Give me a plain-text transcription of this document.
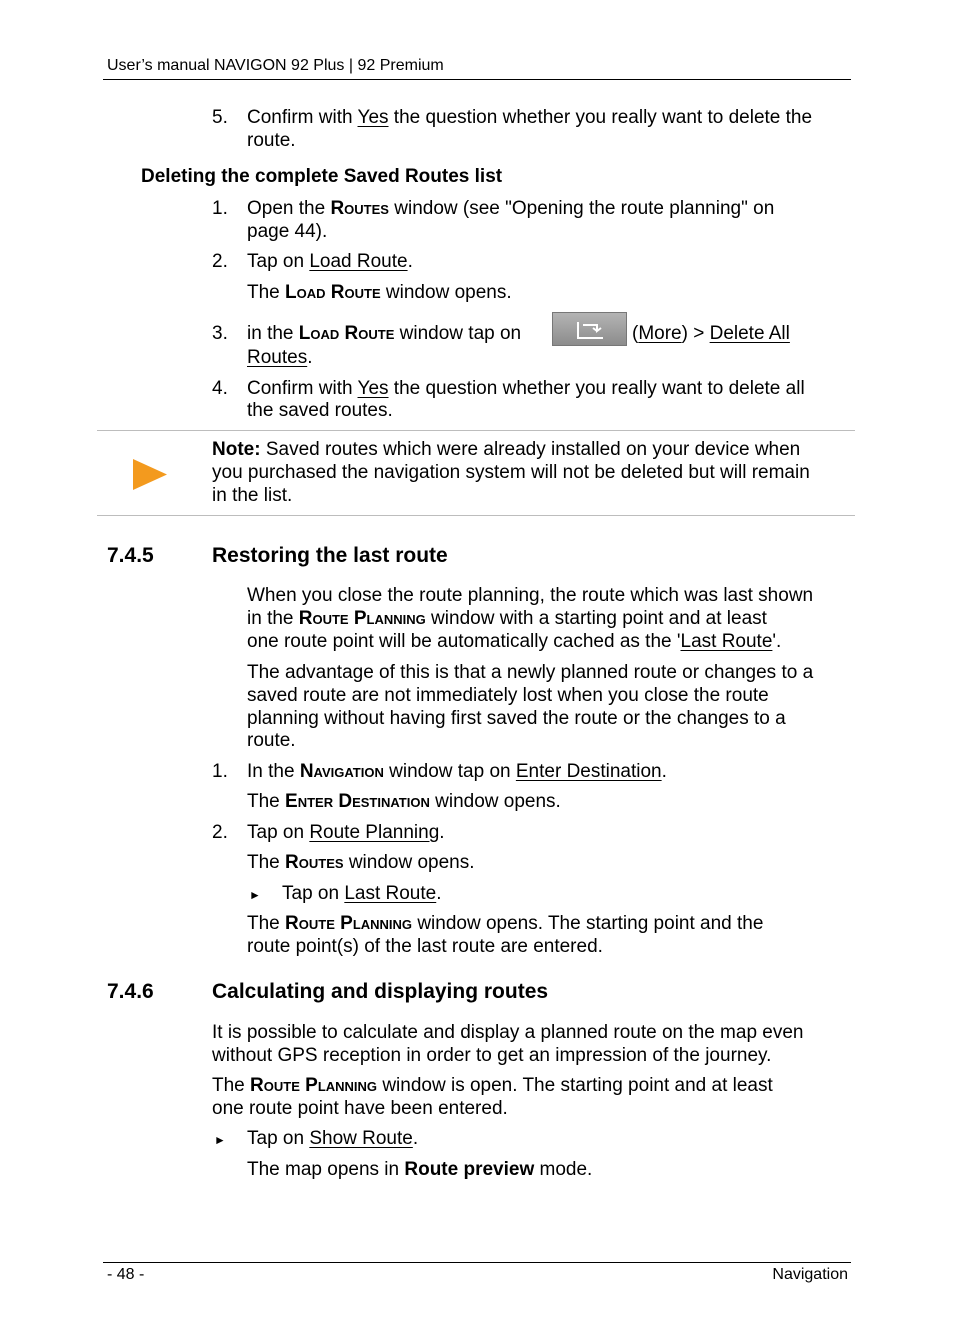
User’s manual NAVIGON 92 Plus | 92 Premium
5. Confirm with Yes the question whether you really want to delete the
route.
Deleting the complete Saved Routes list
1. Open the Routes window (see "Opening the route planning" on
page 44).
2. Tap on Load Route.
The Load Route window opens.
3. in the Load Route window tap on	(More) > Delete All
Routes.
4. Confirm with Yes the question whether you really want to delete all
the saved routes.
Note: Saved routes which were already installed on your device when
you purchased the navigation system will not be deleted but will remain
in the list.
7.4.5	Restoring the last route
When you close the route planning, the route which was last shown
in the Route Planning window with a starting point and at least
one route point will be automatically cached as the 'Last Route'.
The advantage of this is that a newly planned route or changes to a
saved route are not immediately lost when you close the route
planning without having first saved the route or the changes to a
route.
1. In the Navigation window tap on Enter Destination.
The Enter Destination window opens.
2. Tap on Route Planning.
The Routes window opens.
► Tap on Last Route.
The Route Planning window opens. The starting point and the
route point(s) of the last route are entered.
7.4.6	Calculating and displaying routes
It is possible to calculate and display a planned route on the map even
without GPS reception in order to get an impression of the journey.
The Route Planning window is open. The starting point and at least
one route point have been entered.
► Tap on Show Route.
The map opens in Route preview mode.
- 48 -	Navigation
